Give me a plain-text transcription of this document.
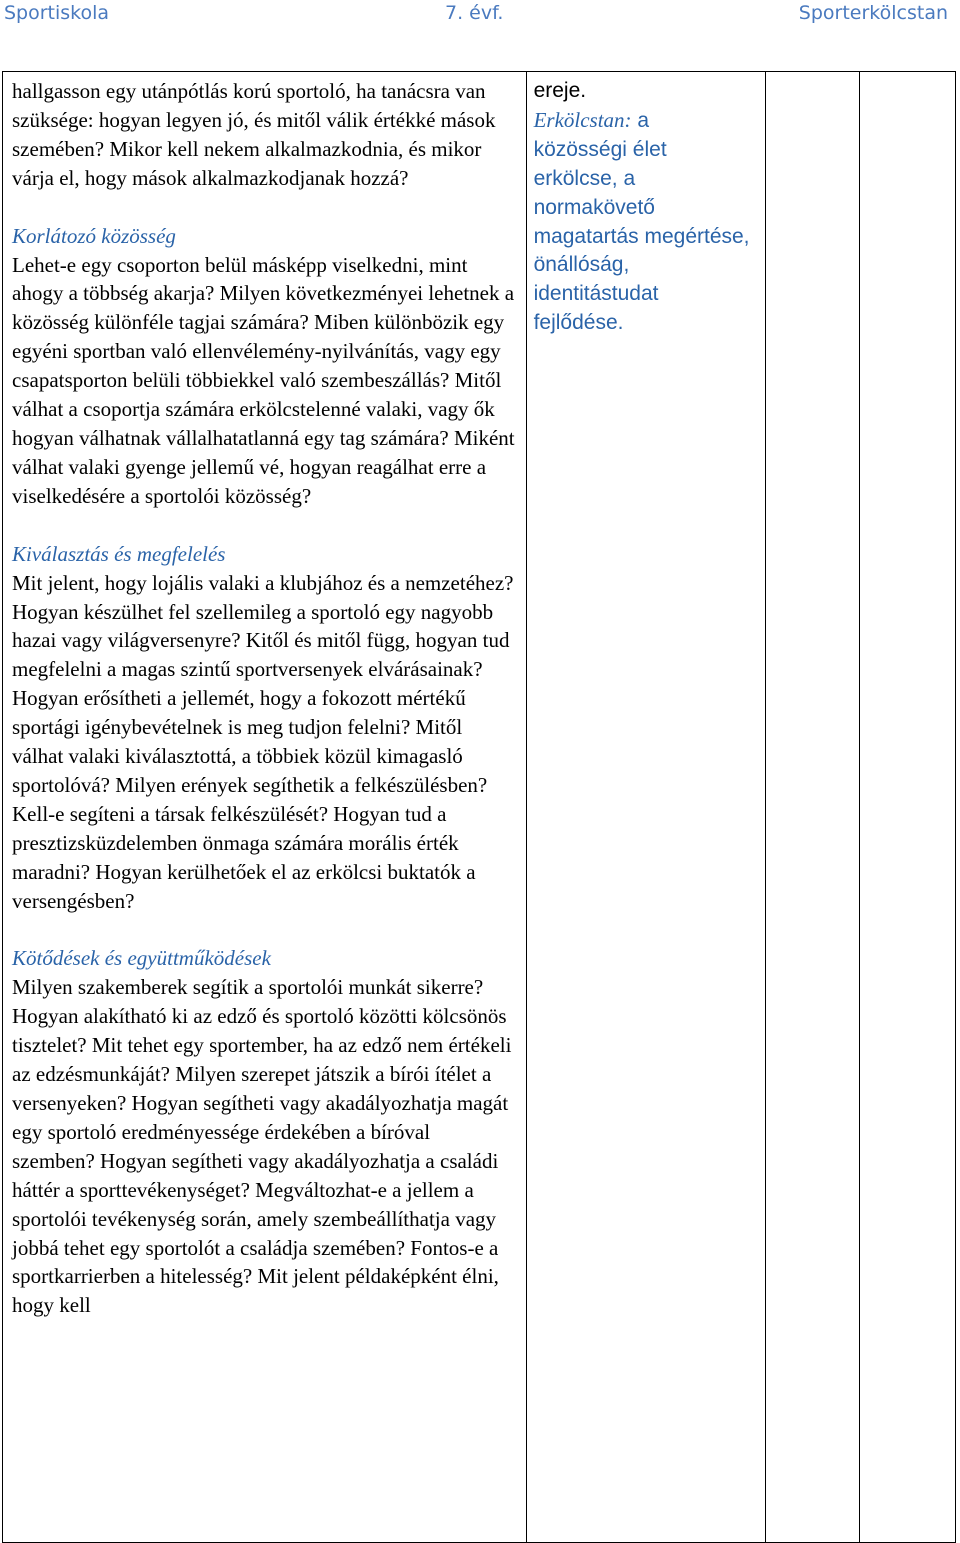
Sportiskola	7. évf.	Sporterkölcstan

hallgasson egy utánpótlás korú sportoló, ha tanácsra van szüksége: hogyan legyen jó, és mitől válik értékké mások szemében? Mikor kell nekem alkalmazkodnia, és mikor várja el, hogy mások alkalmazkodjanak hozzá?

Korlátozó közösség

Lehet-e egy csoporton belül másképp viselkedni, mint ahogy a többség akarja? Milyen következményei lehetnek a közösség különféle tagjai számára? Miben különbözik egy egyéni sportban való ellenvélemény-nyilvánítás, vagy egy csapatsporton belüli többiekkel való szembeszállás? Mitől válhat a csoportja számára erkölcstelenné valaki, vagy ők hogyan válhatnak vállalhatatlanná egy tag számára? Miként válhat valaki gyenge jellemű vé, hogyan reagálhat erre a viselkedésére a sportolói közösség?

Kiválasztás és megfelelés

Mit jelent, hogy lojális valaki a klubjához és a nemzetéhez? Hogyan készülhet fel szellemileg a sportoló egy nagyobb hazai vagy világversenyre? Kitől és mitől függ, hogyan tud megfelelni a magas szintű sportversenyek elvárásainak? Hogyan erősítheti a jellemét, hogy a fokozott mértékű sportági igénybevételnek is meg tudjon felelni? Mitől válhat valaki kiválasztottá, a többiek közül kimagasló sportolóvá? Milyen erények segíthetik a felkészülésben? Kell-e segíteni a társak felkészülését? Hogyan tud a presztizsküzdelemben önmaga számára morális érték maradni? Hogyan kerülhetőek el az erkölcsi buktatók a versengésben?

Kötődések és együttműködések

Milyen szakemberek segítik a sportolói munkát sikerre? Hogyan alakítható ki az edző és sportoló közötti kölcsönös tisztelet? Mit tehet egy sportember, ha az edző nem értékeli az edzésmunkáját? Milyen szerepet játszik a bírói ítélet a versenyeken? Hogyan segítheti vagy akadályozhatja magát egy sportoló eredményessége érdekében a bíróval szemben? Hogyan segítheti vagy akadályozhatja a családi háttér a sporttevékenységet? Megváltozhat-e a jellem a sportolói tevékenység során, amely szembeállíthatja vagy jobbá tehet egy sportolót a családja szemében? Fontos-e a sportkarrierben a hitelesség? Mit jelent példaképként élni, hogy kell

ereje.

Erkölcstan: a

közösségi élet

erkölcse, a

normakövető

magatartás megértése,

önállóság,

identitástudat

fejlődése.
